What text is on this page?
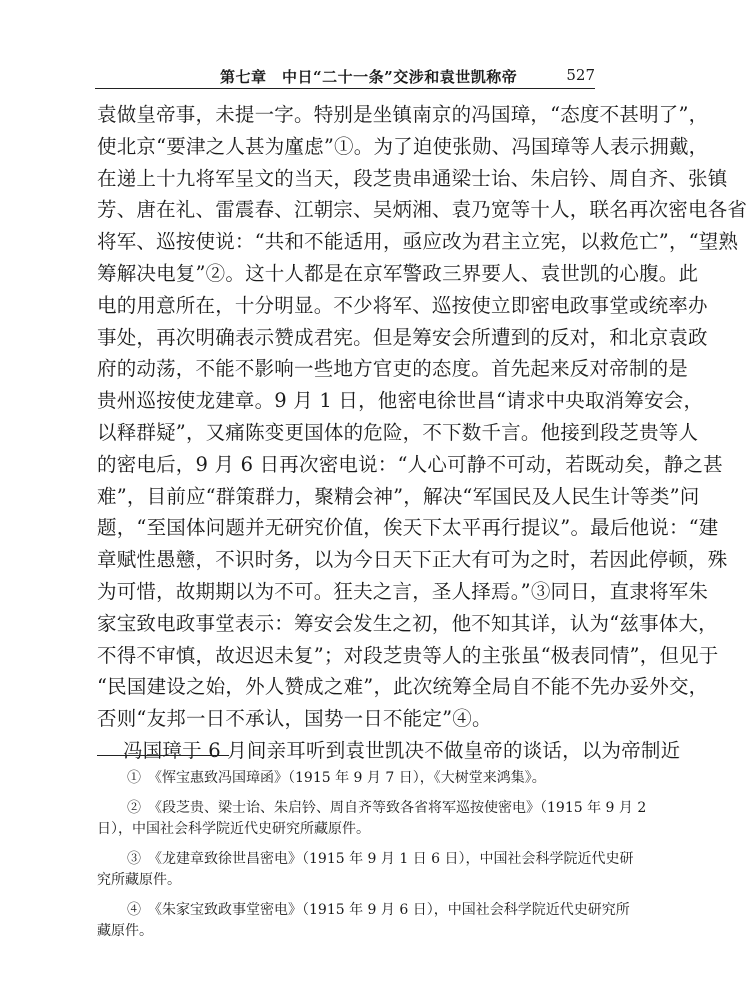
第七章　中日“二十一条”交涉和袁世凯称帝	527
袁做皇帝事，未提一字。特别是坐镇南京的冯国璋，“态度不甚明了”，
使北京“要津之人甚为廑虑”①。为了迫使张勋、冯国璋等人表示拥戴，
在递上十九将军呈文的当天，段芝贵串通梁士诒、朱启钤、周自齐、张镇
芳、唐在礼、雷震春、江朝宗、吴炳湘、袁乃宽等十人，联名再次密电各省
将军、巡按使说：“共和不能适用，亟应改为君主立宪，以救危亡”，“望熟
筹解决电复”②。这十人都是在京军警政三界要人、袁世凯的心腹。此
电的用意所在，十分明显。不少将军、巡按使立即密电政事堂或统率办
事处，再次明确表示赞成君宪。但是筹安会所遭到的反对，和北京袁政
府的动荡，不能不影响一些地方官吏的态度。首先起来反对帝制的是
贵州巡按使龙建章。9 月 1 日，他密电徐世昌“请求中央取消筹安会，
以释群疑”，又痛陈变更国体的危险，不下数千言。他接到段芝贵等人
的密电后，9 月 6 日再次密电说：“人心可静不可动，若既动矣，静之甚
难”，目前应“群策群力，聚精会神”，解决“军国民及人民生计等类”问
题，“至国体问题并无研究价值，俟天下太平再行提议”。最后他说：“建
章赋性愚戆，不识时务，以为今日天下正大有可为之时，若因此停顿，殊
为可惜，故期期以为不可。狂夫之言，圣人择焉。”③同日，直隶将军朱
家宝致电政事堂表示：筹安会发生之初，他不知其详，认为“兹事体大，
不得不审慎，故迟迟未复”；对段芝贵等人的主张虽“极表同情”，但见于
“民国建设之始，外人赞成之难”，此次统筹全局自不能不先办妥外交，
否则“友邦一日不承认，国势一日不能定”④。
冯国璋于 6 月间亲耳听到袁世凯决不做皇帝的谈话，以为帝制近
①　《恽宝惠致冯国璋函》（1915 年 9 月 7 日），《大树堂来鸿集》。
②　《段芝贵、梁士诒、朱启钤、周自齐等致各省将军巡按使密电》（1915 年 9 月 2
日），中国社会科学院近代史研究所藏原件。
③　《龙建章致徐世昌密电》（1915 年 9 月 1 日 6 日），中国社会科学院近代史研
究所藏原件。
④　《朱家宝致政事堂密电》（1915 年 9 月 6 日），中国社会科学院近代史研究所
藏原件。
